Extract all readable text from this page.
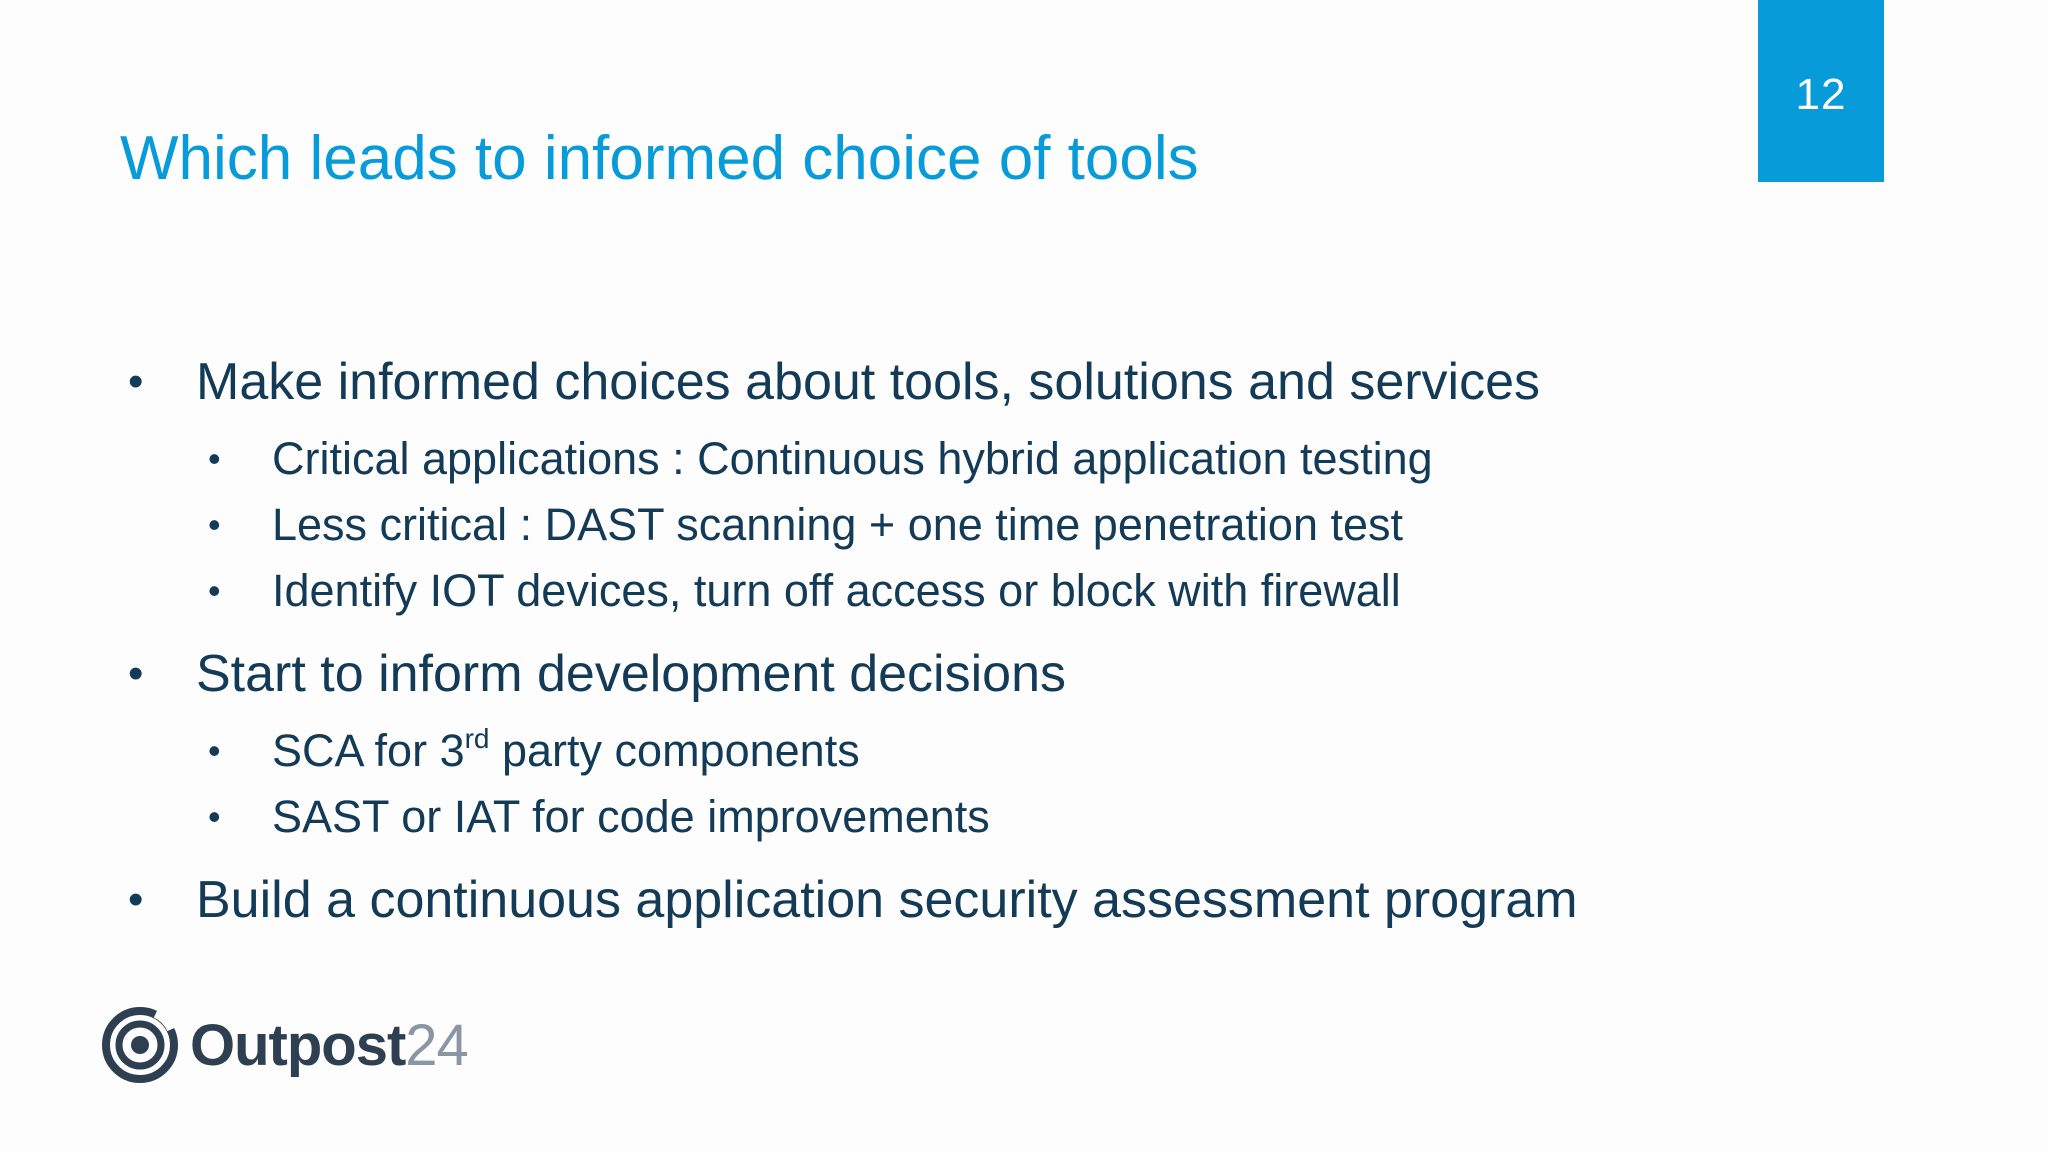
12
Which leads to informed choice of tools
• Make informed choices about tools, solutions and services
• Critical applications : Continuous hybrid application testing
• Less critical : DAST scanning + one time penetration test
• Identify IOT devices, turn off access or block with firewall
• Start to inform development decisions
• SCA for 3rd party components
• SAST or IAT for code improvements
• Build a continuous application security assessment program
Outpost24
